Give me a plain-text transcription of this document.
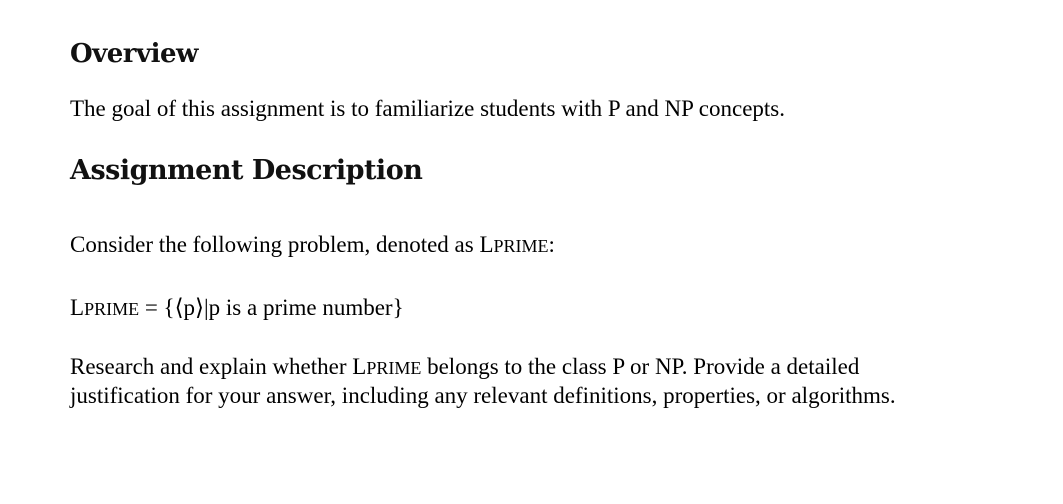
Overview

The goal of this assignment is to familiarize students with P and NP concepts.

Assignment Description

Consider the following problem, denoted as LPRIME:

LPRIME = {⟨p⟩|p is a prime number}

Research and explain whether LPRIME belongs to the class P or NP. Provide a detailed
justification for your answer, including any relevant definitions, properties, or algorithms.
